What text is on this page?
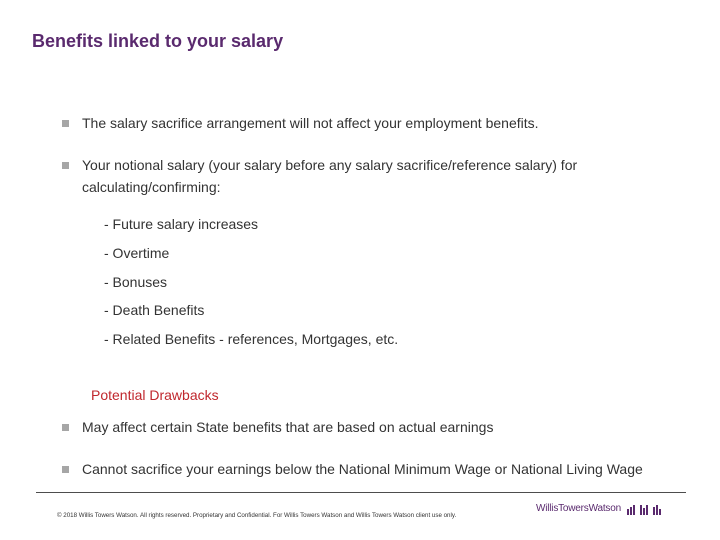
Benefits linked to your salary
The salary sacrifice arrangement will not affect your employment benefits.
Your notional salary (your salary before any salary sacrifice/reference salary) for calculating/confirming:
- Future salary increases
- Overtime
- Bonuses
- Death Benefits
- Related Benefits - references, Mortgages, etc.
Potential Drawbacks
May affect certain State benefits that are based on actual earnings
Cannot sacrifice your earnings below the National Minimum Wage or National Living Wage
© 2018 Willis Towers Watson. All rights reserved. Proprietary and Confidential. For Willis Towers Watson and Willis Towers Watson client use only.
WillisTowersWatson
